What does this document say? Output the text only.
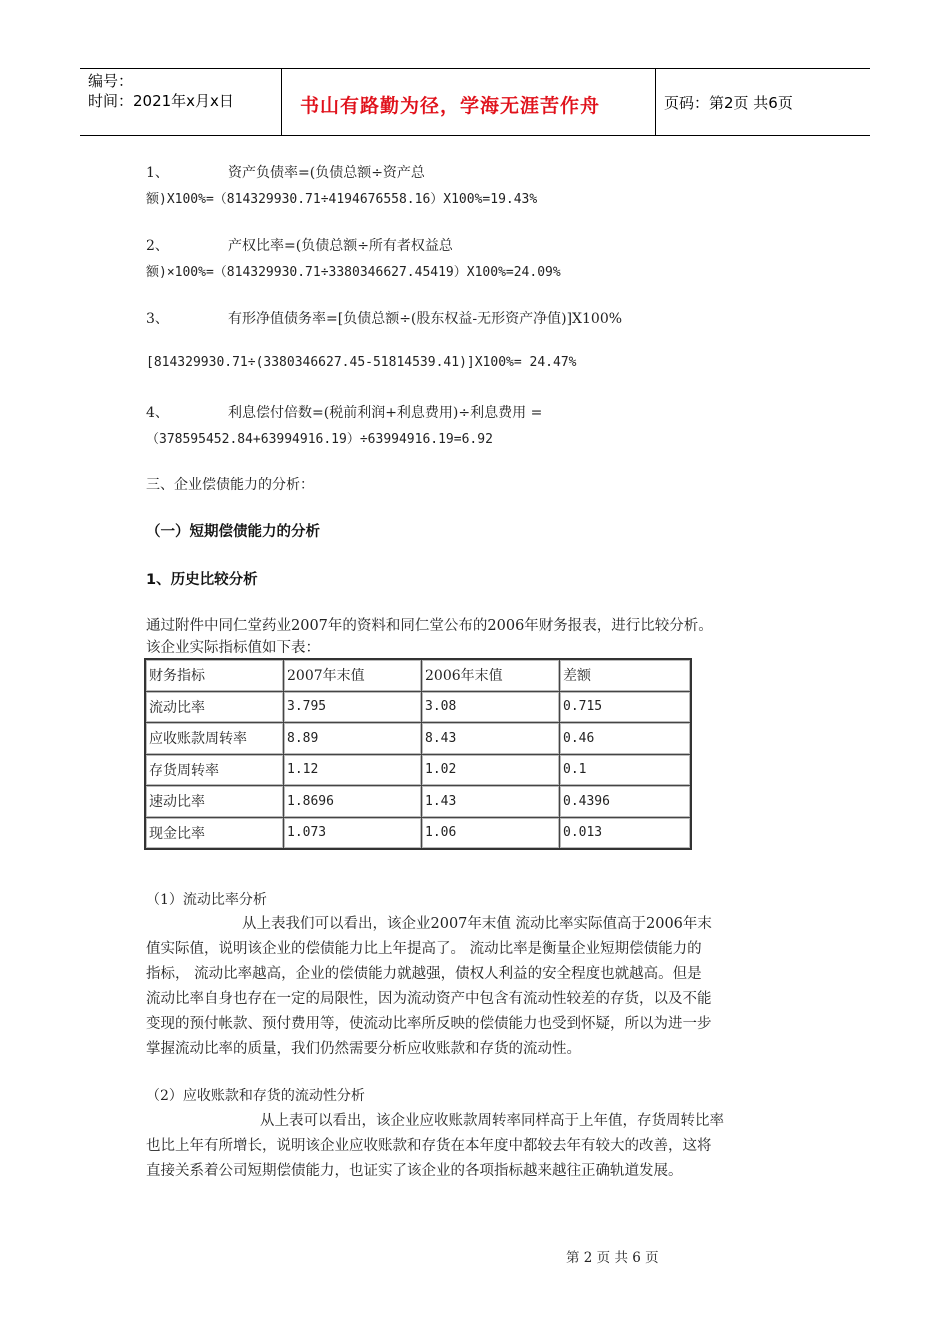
编号：
时间：2021年x月x日	书山有路勤为径，学海无涯苦作舟	页码：第2页 共6页
1、	资产负债率=(负债总额÷资产总
额)X100%=（814329930.71÷4194676558.16）X100%=19.43%
2、	产权比率=(负债总额÷所有者权益总
额)×100%=（814329930.71÷3380346627.45419）X100%=24.09%
3、	有形净值债务率=[负债总额÷(股东权益-无形资产净值)]X100%
[814329930.71÷(3380346627.45-51814539.41)]X100%= 24.47%
4、	利息偿付倍数=(税前利润+利息费用)÷利息费用 =
（378595452.84+63994916.19）÷63994916.19=6.92
三、企业偿债能力的分析：
（一）短期偿债能力的分析
1、历史比较分析
通过附件中同仁堂药业2007年的资料和同仁堂公布的2006年财务报表，进行比较分析。
该企业实际指标值如下表：
财务指标	2007年末值	2006年末值	差额
流动比率	3.795	3.08	0.715
应收账款周转率	8.89	8.43	0.46
存货周转率	1.12	1.02	0.1
速动比率	1.8696	1.43	0.4396
现金比率	1.073	1.06	0.013
（1）流动比率分析
从上表我们可以看出，该企业2007年末值 流动比率实际值高于2006年末
值实际值，说明该企业的偿债能力比上年提高了。 流动比率是衡量企业短期偿债能力的
指标， 流动比率越高，企业的偿债能力就越强，债权人利益的安全程度也就越高。但是
流动比率自身也存在一定的局限性，因为流动资产中包含有流动性较差的存货，以及不能
变现的预付帐款、预付费用等，使流动比率所反映的偿债能力也受到怀疑，所以为进一步
掌握流动比率的质量，我们仍然需要分析应收账款和存货的流动性。
（2）应收账款和存货的流动性分析
从上表可以看出，该企业应收账款周转率同样高于上年值，存货周转比率
也比上年有所增长，说明该企业应收账款和存货在本年度中都较去年有较大的改善，这将
直接关系着公司短期偿债能力，也证实了该企业的各项指标越来越往正确轨道发展。
第 2 页 共 6 页
